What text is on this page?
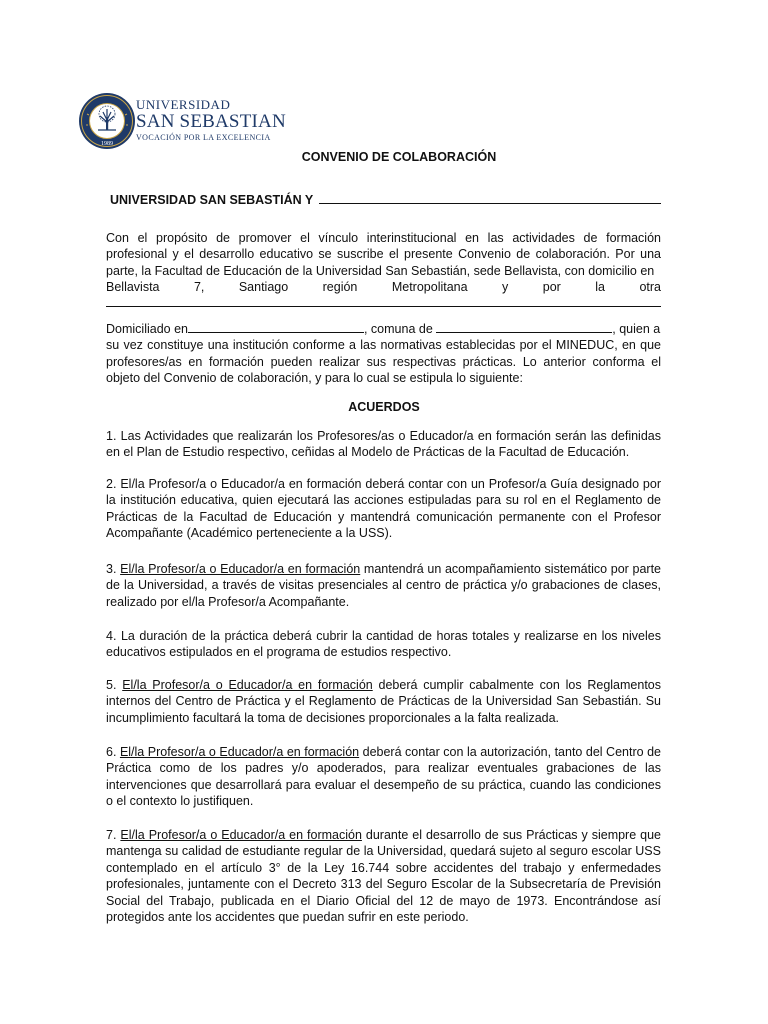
1989
UNIVERSIDAD
SAN SEBASTIAN
VOCACIÓN POR LA EXCELENCIA
CONVENIO DE COLABORACIÓN
UNIVERSIDAD SAN SEBASTIÁN Y
Con el propósito de promover el vínculo interinstitucional en las actividades de formación profesional y el desarrollo educativo se suscribe el presente Convenio de colaboración. Por una parte, la Facultad de Educación de la Universidad San Sebastián, sede Bellavista, con domicilio en
Bellavista 7, Santiago región Metropolitana y por la otra
Domiciliado en	, comuna de	, quien a
su vez constituye una institución conforme a las normativas establecidas por el MINEDUC, en que profesores/as en formación pueden realizar sus respectivas prácticas. Lo anterior conforma el objeto del Convenio de colaboración, y para lo cual se estipula lo siguiente:
ACUERDOS
1. Las Actividades que realizarán los Profesores/as o Educador/a en formación serán las definidas en el Plan de Estudio respectivo, ceñidas al Modelo de Prácticas de la Facultad de Educación.
2. El/la Profesor/a o Educador/a en formación deberá contar con un Profesor/a Guía designado por la institución educativa, quien ejecutará las acciones estipuladas para su rol en el Reglamento de Prácticas de la Facultad de Educación y mantendrá comunicación permanente con el Profesor Acompañante (Académico perteneciente a la USS).
3. El/la Profesor/a o Educador/a en formación mantendrá un acompañamiento sistemático por parte de la Universidad, a través de visitas presenciales al centro de práctica y/o grabaciones de clases, realizado por el/la Profesor/a Acompañante.
4. La duración de la práctica deberá cubrir la cantidad de horas totales y realizarse en los niveles educativos estipulados en el programa de estudios respectivo.
5. El/la Profesor/a o Educador/a en formación deberá cumplir cabalmente con los Reglamentos internos del Centro de Práctica y el Reglamento de Prácticas de la Universidad San Sebastián. Su incumplimiento facultará la toma de decisiones proporcionales a la falta realizada.
6. El/la Profesor/a o Educador/a en formación deberá contar con la autorización, tanto del Centro de Práctica como de los padres y/o apoderados, para realizar eventuales grabaciones de las intervenciones que desarrollará para evaluar el desempeño de su práctica, cuando las condiciones o el contexto lo justifiquen.
7. El/la Profesor/a o Educador/a en formación durante el desarrollo de sus Prácticas y siempre que mantenga su calidad de estudiante regular de la Universidad, quedará sujeto al seguro escolar USS contemplado en el artículo 3° de la Ley 16.744 sobre accidentes del trabajo y enfermedades profesionales, juntamente con el Decreto 313 del Seguro Escolar de la Subsecretaría de Previsión Social del Trabajo, publicada en el Diario Oficial del 12 de mayo de 1973. Encontrándose así protegidos ante los accidentes que puedan sufrir en este periodo.
